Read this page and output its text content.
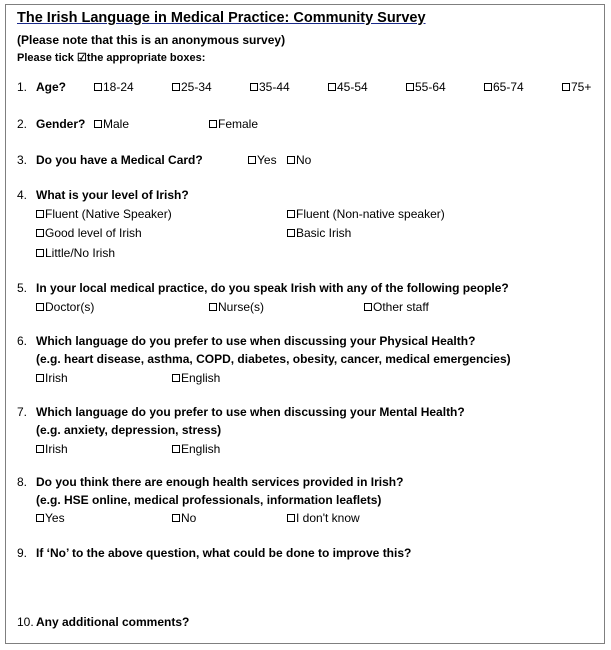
The Irish Language in Medical Practice: Community Survey
(Please note that this is an anonymous survey)
Please tick ☑the appropriate boxes:
1. Age?	18-24	25-34	35-44	45-54	55-64	65-74	75+
2. Gender?	Male	Female
3. Do you have a Medical Card?	Yes	No
4. What is your level of Irish?
Fluent (Native Speaker)	Fluent (Non-native speaker)
Good level of Irish	Basic Irish
Little/No Irish
5. In your local medical practice, do you speak Irish with any of the following people?
Doctor(s)	Nurse(s)	Other staff
6. Which language do you prefer to use when discussing your Physical Health?
(e.g. heart disease, asthma, COPD, diabetes, obesity, cancer, medical emergencies)
Irish	English
7. Which language do you prefer to use when discussing your Mental Health?
(e.g. anxiety, depression, stress)
Irish	English
8. Do you think there are enough health services provided in Irish?
(e.g. HSE online, medical professionals, information leaflets)
Yes	No	I don't know
9. If ‘No’ to the above question, what could be done to improve this?
10. Any additional comments?
